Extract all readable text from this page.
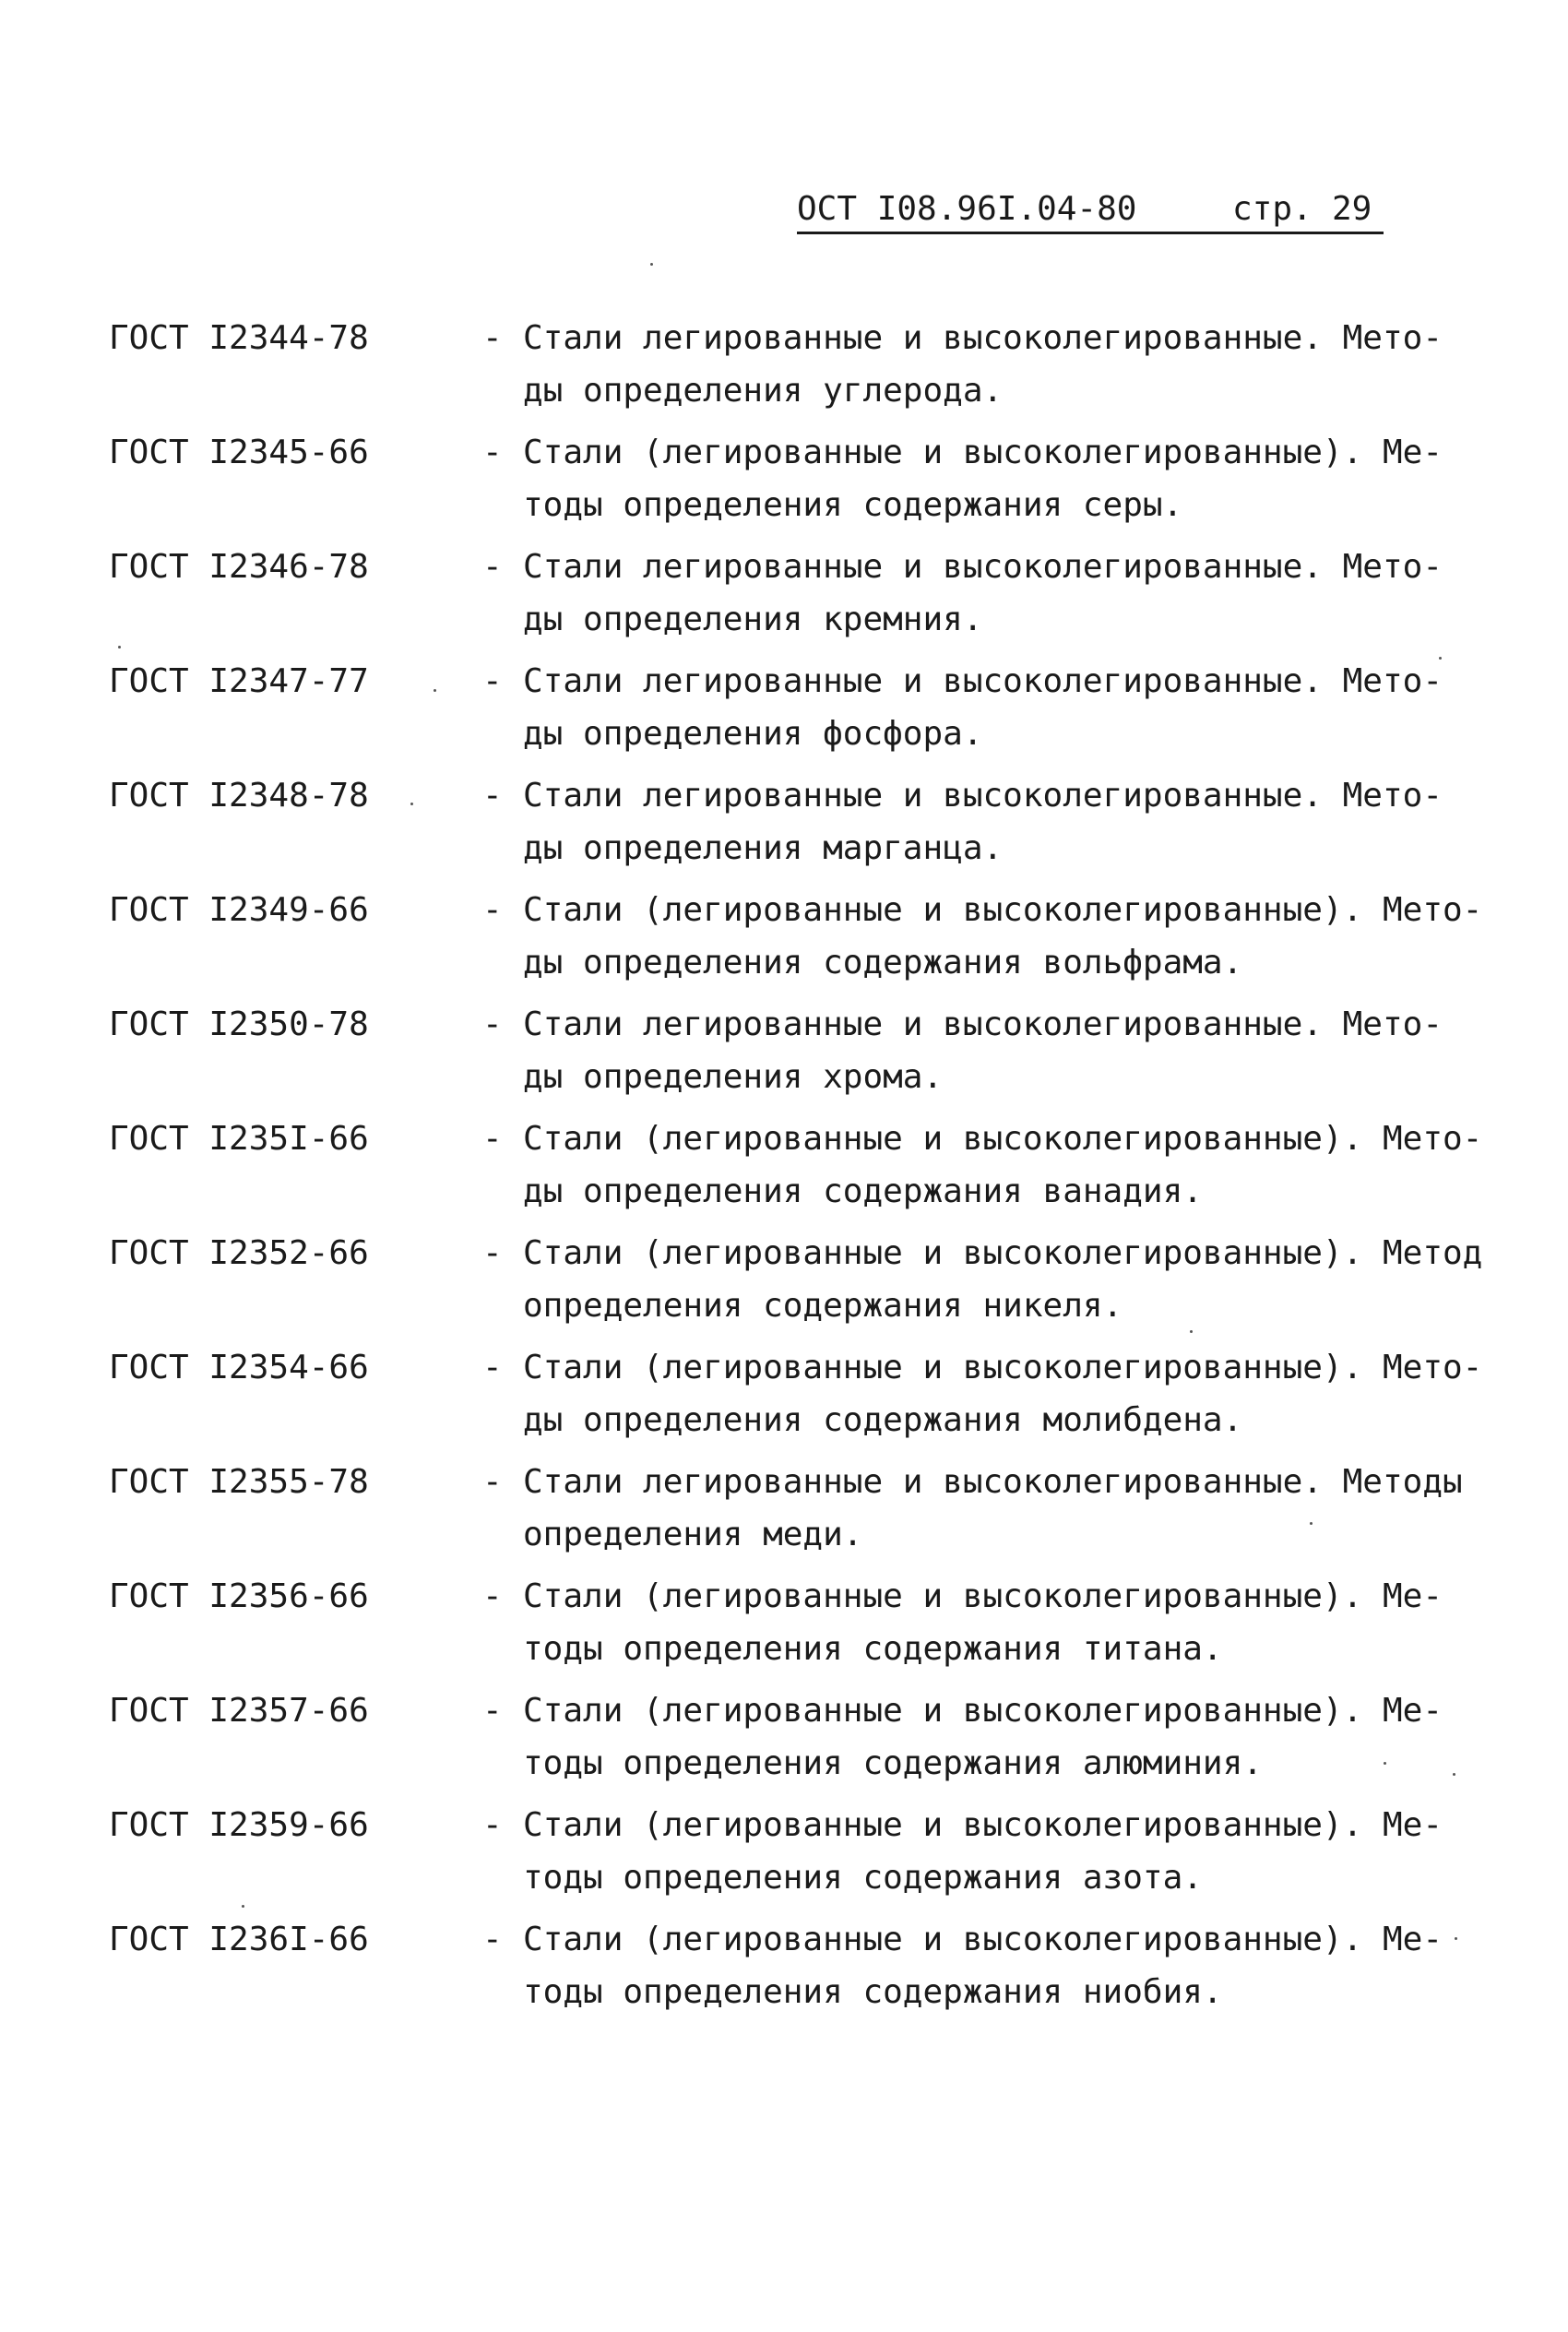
ОСТ I08.96I.04-80	стр. 29
ГОСТ I2344-78	- Стали легированные и высоколегированные. Мето-
ды определения углерода.
ГОСТ I2345-66	- Стали (легированные и высоколегированные). Ме-
тоды определения содержания серы.
ГОСТ I2346-78	- Стали легированные и высоколегированные. Мето-
ды определения кремния.
ГОСТ I2347-77	- Стали легированные и высоколегированные. Мето-
ды определения фосфора.
ГОСТ I2348-78	- Стали легированные и высоколегированные. Мето-
ды определения марганца.
ГОСТ I2349-66	- Стали (легированные и высоколегированные). Мето-
ды определения содержания вольфрама.
ГОСТ I2350-78	- Стали легированные и высоколегированные. Мето-
ды определения хрома.
ГОСТ I235I-66	- Стали (легированные и высоколегированные). Мето-
ды определения содержания ванадия.
ГОСТ I2352-66	- Стали (легированные и высоколегированные). Метод
определения содержания никеля.
ГОСТ I2354-66	- Стали (легированные и высоколегированные). Мето-
ды определения содержания молибдена.
ГОСТ I2355-78	- Стали легированные и высоколегированные. Методы
определения меди.
ГОСТ I2356-66	- Стали (легированные и высоколегированные). Ме-
тоды определения содержания титана.
ГОСТ I2357-66	- Стали (легированные и высоколегированные). Ме-
тоды определения содержания алюминия.
ГОСТ I2359-66	- Стали (легированные и высоколегированные). Ме-
тоды определения содержания азота.
ГОСТ I236I-66	- Стали (легированные и высоколегированные). Ме-
тоды определения содержания ниобия.
